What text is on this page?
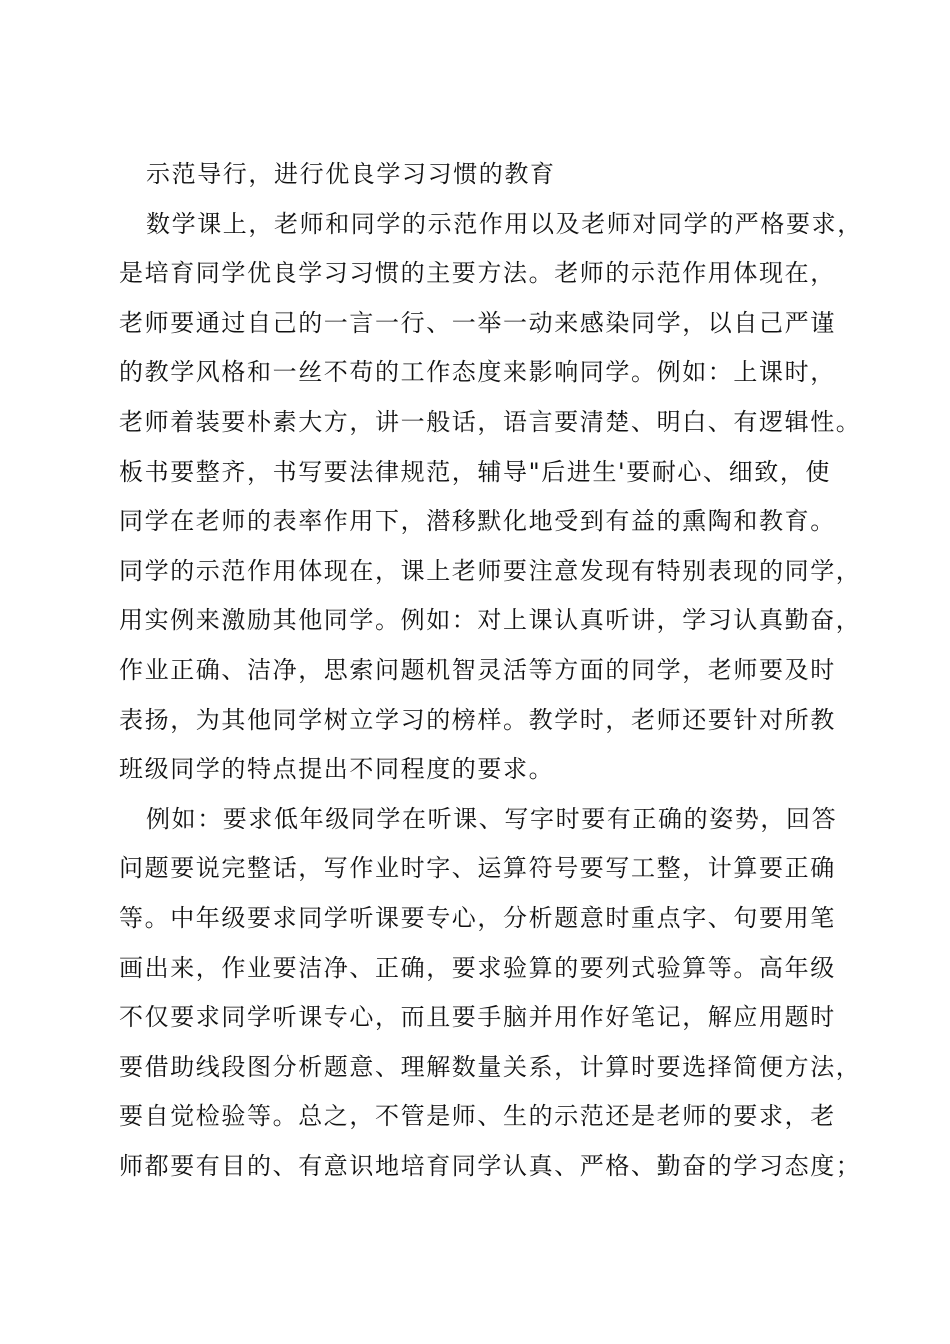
示范导行，进行优良学习习惯的教育
数学课上，老师和同学的示范作用以及老师对同学的严格要求，
是培育同学优良学习习惯的主要方法。老师的示范作用体现在，
老师要通过自己的一言一行、一举一动来感染同学，以自己严谨
的教学风格和一丝不苟的工作态度来影响同学。例如：上课时，
老师着装要朴素大方，讲一般话，语言要清楚、明白、有逻辑性。
板书要整齐，书写要法律规范，辅导"后进生'要耐心、细致，使
同学在老师的表率作用下，潜移默化地受到有益的熏陶和教育。
同学的示范作用体现在，课上老师要注意发现有特别表现的同学，
用实例来激励其他同学。例如：对上课认真听讲，学习认真勤奋，
作业正确、洁净，思索问题机智灵活等方面的同学，老师要及时
表扬，为其他同学树立学习的榜样。教学时，老师还要针对所教
班级同学的特点提出不同程度的要求。
例如：要求低年级同学在听课、写字时要有正确的姿势，回答
问题要说完整话，写作业时字、运算符号要写工整，计算要正确
等。中年级要求同学听课要专心，分析题意时重点字、句要用笔
画出来，作业要洁净、正确，要求验算的要列式验算等。高年级
不仅要求同学听课专心，而且要手脑并用作好笔记，解应用题时
要借助线段图分析题意、理解数量关系，计算时要选择简便方法，
要自觉检验等。总之，不管是师、生的示范还是老师的要求，老
师都要有目的、有意识地培育同学认真、严格、勤奋的学习态度；
